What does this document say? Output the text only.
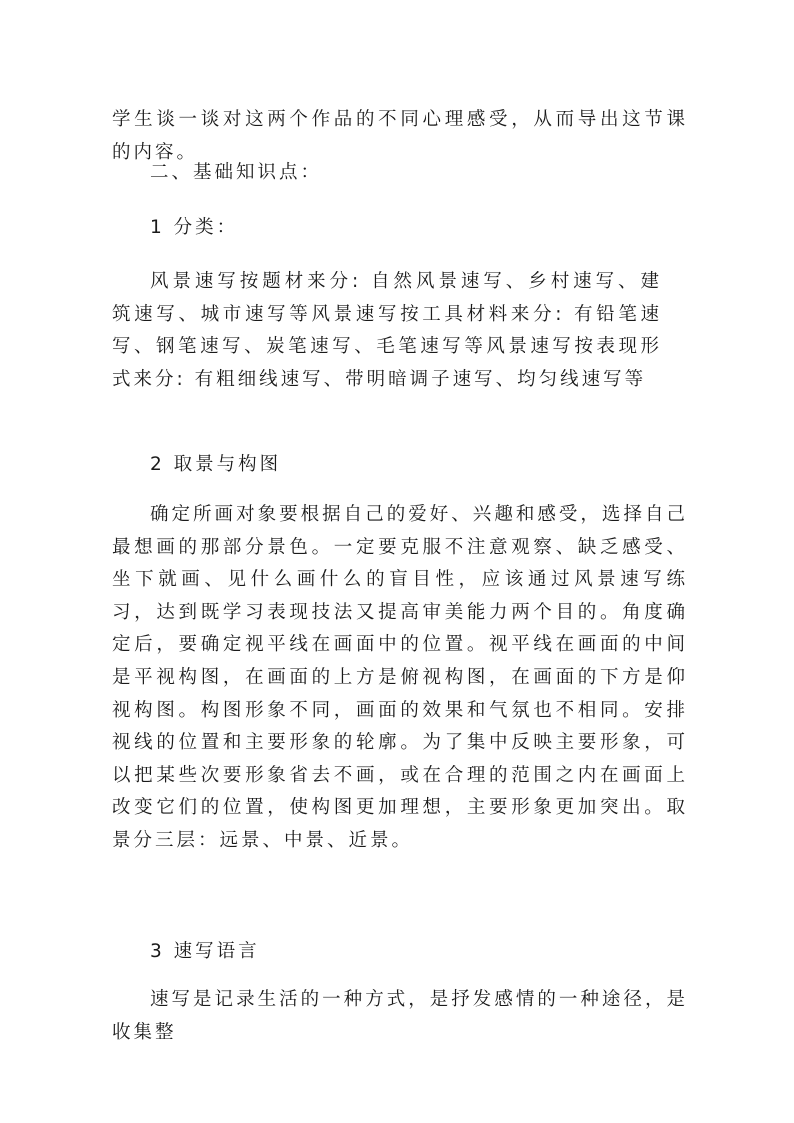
学生谈一谈对这两个作品的不同心理感受，从而导出这节课的内容。

二、基础知识点：

1 分类：

风景速写按题材来分: 自然风景速写、乡村速写、建筑速写、城市速写等风景速写按工具材料来分: 有铅笔速写、钢笔速写、炭笔速写、毛笔速写等风景速写按表现形式来分: 有粗细线速写、带明暗调子速写、均匀线速写等

2 取景与构图

确定所画对象要根据自己的爱好、兴趣和感受，选择自己最想画的那部分景色。一定要克服不注意观察、缺乏感受、坐下就画、见什么画什么的盲目性，应该通过风景速写练习，达到既学习表现技法又提高审美能力两个目的。角度确定后，要确定视平线在画面中的位置。视平线在画面的中间是平视构图，在画面的上方是俯视构图，在画面的下方是仰视构图。构图形象不同，画面的效果和气氛也不相同。安排视线的位置和主要形象的轮廓。为了集中反映主要形象，可以把某些次要形象省去不画，或在合理的范围之内在画面上改变它们的位置，使构图更加理想，主要形象更加突出。取景分三层：远景、中景、近景。

3 速写语言

速写是记录生活的一种方式，是抒发感情的一种途径，是收集整
